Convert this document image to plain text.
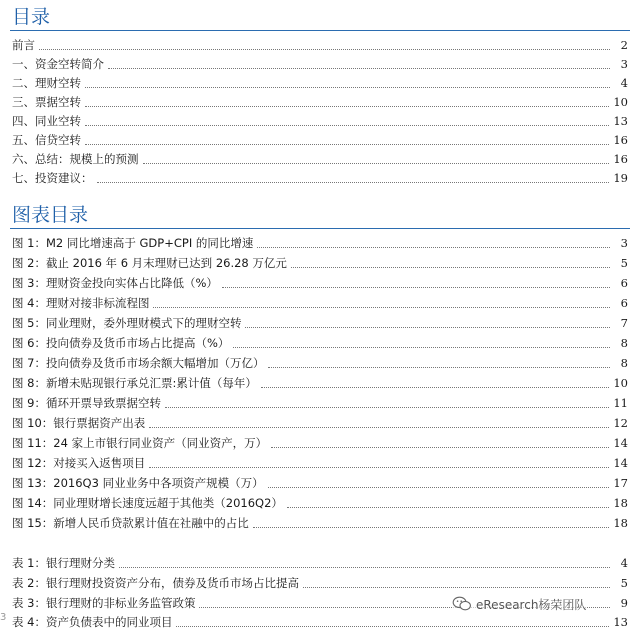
目录
前言	2
一、资金空转简介	3
二、理财空转	4
三、票据空转	10
四、同业空转	13
五、信贷空转	16
六、总结：规模上的预测	16
七、投资建议：	19
图表目录
图 1：M2 同比增速高于 GDP+CPI 的同比增速	3
图 2：截止 2016 年 6 月末理财已达到 26.28 万亿元	5
图 3：理财资金投向实体占比降低（%）	6
图 4：理财对接非标流程图	6
图 5：同业理财，委外理财模式下的理财空转	7
图 6：投向债券及货币市场占比提高（%）	8
图 7：投向债券及货币市场余额大幅增加（万亿）	8
图 8：新增未贴现银行承兑汇票:累计值（每年）	10
图 9：循环开票导致票据空转	11
图 10：银行票据资产出表	12
图 11：24 家上市银行同业资产（同业资产，万）	14
图 12：对接买入返售项目	14
图 13：2016Q3 同业业务中各项资产规模（万）	17
图 14：同业理财增长速度远超于其他类（2016Q2）	18
图 15：新增人民币贷款累计值在社融中的占比	18
表 1：银行理财分类	4
表 2：银行理财投资资产分布，债券及货币市场占比提高	5
表 3：银行理财的非标业务监管政策	9
表 4：资产负债表中的同业项目	13
eResearch杨荣团队
3
